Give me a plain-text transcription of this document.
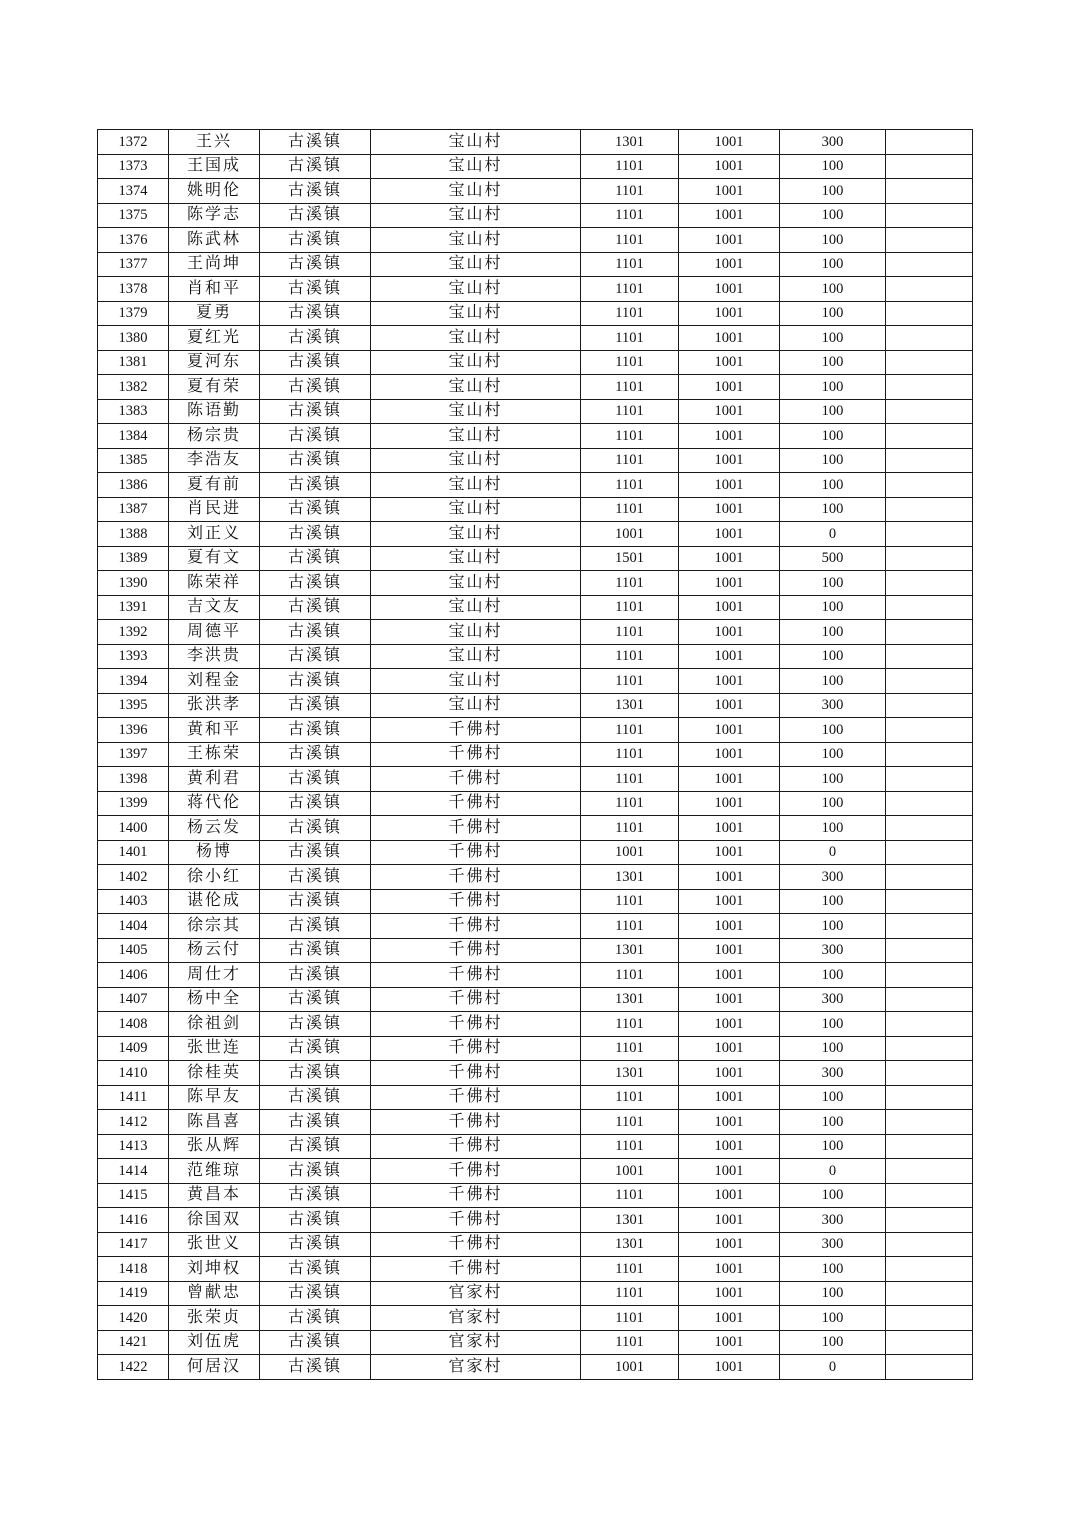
1372	王兴	古溪镇	宝山村	1301	1001	300	
1373	王国成	古溪镇	宝山村	1101	1001	100	
1374	姚明伦	古溪镇	宝山村	1101	1001	100	
1375	陈学志	古溪镇	宝山村	1101	1001	100	
1376	陈武林	古溪镇	宝山村	1101	1001	100	
1377	王尚坤	古溪镇	宝山村	1101	1001	100	
1378	肖和平	古溪镇	宝山村	1101	1001	100	
1379	夏勇	古溪镇	宝山村	1101	1001	100	
1380	夏红光	古溪镇	宝山村	1101	1001	100	
1381	夏河东	古溪镇	宝山村	1101	1001	100	
1382	夏有荣	古溪镇	宝山村	1101	1001	100	
1383	陈语勤	古溪镇	宝山村	1101	1001	100	
1384	杨宗贵	古溪镇	宝山村	1101	1001	100	
1385	李浩友	古溪镇	宝山村	1101	1001	100	
1386	夏有前	古溪镇	宝山村	1101	1001	100	
1387	肖民进	古溪镇	宝山村	1101	1001	100	
1388	刘正义	古溪镇	宝山村	1001	1001	0	
1389	夏有文	古溪镇	宝山村	1501	1001	500	
1390	陈荣祥	古溪镇	宝山村	1101	1001	100	
1391	吉文友	古溪镇	宝山村	1101	1001	100	
1392	周德平	古溪镇	宝山村	1101	1001	100	
1393	李洪贵	古溪镇	宝山村	1101	1001	100	
1394	刘程金	古溪镇	宝山村	1101	1001	100	
1395	张洪孝	古溪镇	宝山村	1301	1001	300	
1396	黄和平	古溪镇	千佛村	1101	1001	100	
1397	王栋荣	古溪镇	千佛村	1101	1001	100	
1398	黄利君	古溪镇	千佛村	1101	1001	100	
1399	蒋代伦	古溪镇	千佛村	1101	1001	100	
1400	杨云发	古溪镇	千佛村	1101	1001	100	
1401	杨博	古溪镇	千佛村	1001	1001	0	
1402	徐小红	古溪镇	千佛村	1301	1001	300	
1403	谌伦成	古溪镇	千佛村	1101	1001	100	
1404	徐宗其	古溪镇	千佛村	1101	1001	100	
1405	杨云付	古溪镇	千佛村	1301	1001	300	
1406	周仕才	古溪镇	千佛村	1101	1001	100	
1407	杨中全	古溪镇	千佛村	1301	1001	300	
1408	徐祖剑	古溪镇	千佛村	1101	1001	100	
1409	张世连	古溪镇	千佛村	1101	1001	100	
1410	徐桂英	古溪镇	千佛村	1301	1001	300	
1411	陈早友	古溪镇	千佛村	1101	1001	100	
1412	陈昌喜	古溪镇	千佛村	1101	1001	100	
1413	张从辉	古溪镇	千佛村	1101	1001	100	
1414	范维琼	古溪镇	千佛村	1001	1001	0	
1415	黄昌本	古溪镇	千佛村	1101	1001	100	
1416	徐国双	古溪镇	千佛村	1301	1001	300	
1417	张世义	古溪镇	千佛村	1301	1001	300	
1418	刘坤权	古溪镇	千佛村	1101	1001	100	
1419	曾献忠	古溪镇	官家村	1101	1001	100	
1420	张荣贞	古溪镇	官家村	1101	1001	100	
1421	刘伍虎	古溪镇	官家村	1101	1001	100	
1422	何居汉	古溪镇	官家村	1001	1001	0	
